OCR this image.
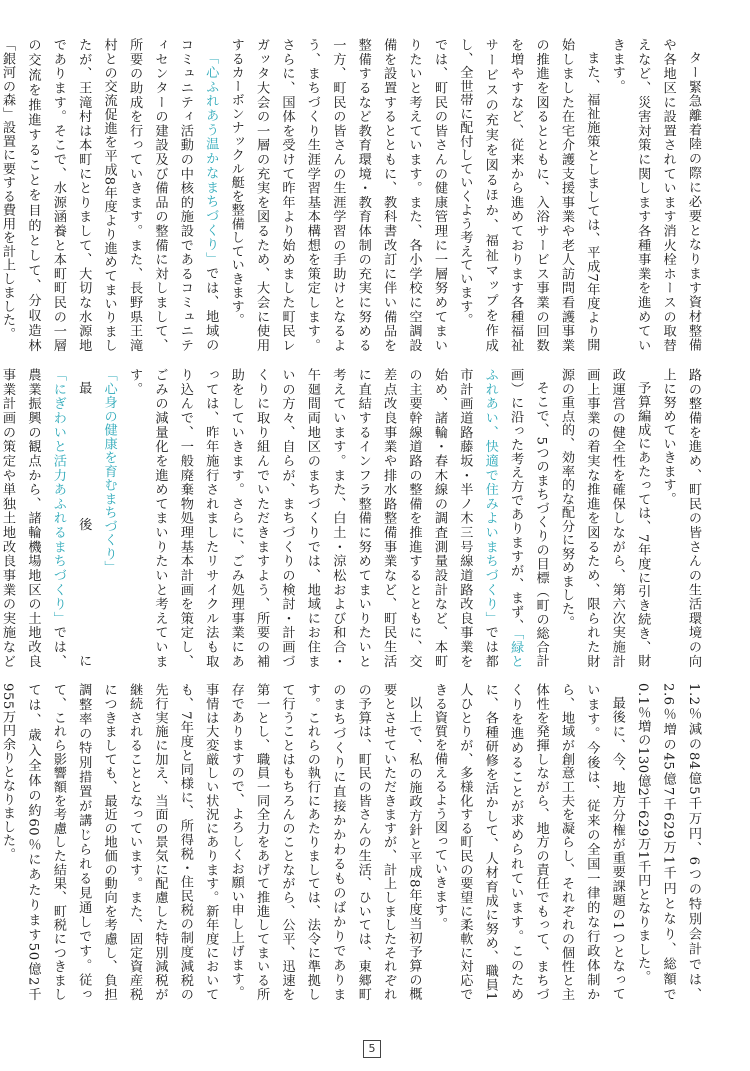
ター緊急離着陸の際に必要となります資材整備や各地区に設置されています消火栓ホースの取替えなど、災害対策に関します各種事業を進めていきます。

また、福祉施策としましては、平成7年度より開始しました在宅介護支援事業や老人訪問看護事業の推進を図るとともに、入浴サービス事業の回数を増やすなど、従来から進めております各種福祉サービスの充実を図るほか、福祉マップを作成し、全世帯に配付していくよう考えています。

では、町民の皆さんの健康管理に一層努めてまいりたいと考えています。また、各小学校に空調設備を設置するとともに、教科書改訂に伴い備品を整備するなど教育環境・教育体制の充実に努める一方、町民の皆さんの生涯学習の手助けとなるよう、まちづくり生涯学習基本構想を策定します。さらに、国体を受けて昨年より始めました町民レガッタ大会の一層の充実を図るため、大会に使用するカーボンナックル艇を整備していきます。

「心ふれあう温かなまちづくり」では、地域のコミュニティ活動の中核的施設であるコミュニティセンターの建設及び備品の整備に対しまして、所要の助成を行っていきます。また、長野県王滝村との交流促進を平成8年度より進めてまいりましたが、王滝村は本町にとりまして、大切な水源地であります。そこで、水源涵養と本町町民の一層の交流を推進することを目的として、分収造林「銀河の森」設置に要する費用を計上しました。

路の整備を進め、町民の皆さんの生活環境の向上に努めていきます。

予算編成にあたっては、7年度に引き続き、財政運営の健全性を確保しながら、第六次実施計画上事業の着実な推進を図るため、限られた財源の重点的、効率的な配分に努めました。

そこで、5つのまちづくりの目標（町の総合計画）に沿った考え方でありますが、まず、「緑とふれあい、快適で住みよいまちづくり」では都市計画道路藤坂・半ノ木三号線道路改良事業を始め、諸輪・春木線の調査測量設計など、本町の主要幹線道路の整備を推進するとともに、交差点改良事業や排水路整備事業など、町民生活に直結するインフラ整備に努めてまいりたいと考えています。また、白土・涼松および和合・午廻間両地区のまちづくりでは、地域にお住まいの方々、自らが、まちづくりの検討・計画づくりに取り組んでいただきますよう、所要の補助をしていきます。さらに、ごみ処理事業にあっては、昨年施行されましたリサイクル法も取り込んで、一般廃棄物処理基本計画を策定し、ごみの減量化を進めてまいりたいと考えています。

「心身の健康を育むまちづくり」

最後に「にぎわいと活力あふれるまちづくり」では、農業振興の観点から、諸輪機場地区の土地改良事業計画の策定や単独土地改良事業の実施など

1.2％減の84億5千万円、6つの特別会計では、2.6％増の45億7千629万1千円となり、総額で0.1％増の130億2千629万1千円となりました。

最後に、今、地方分権が重要課題の1つとなっています。今後は、従来の全国一律的な行政体制から、地域が創意工夫を凝らし、それぞれの個性と主体性を発揮しながら、地方の責任でもって、まちづくりを進めることが求められています。このために、各種研修を活かして、人材育成に努め、職員1人ひとりが、多様化する町民の要望に柔軟に対応できる資質を備えるよう図っていきます。

以上で、私の施政方針と平成8年度当初予算の概要とさせていただきますが、計上しましたそれぞれの予算は、町民の皆さんの生活、ひいては、東郷町のまちづくりに直接かかわるものばかりであります。これらの執行にあたりましては、法令に準拠して行うことはもちろんのことながら、公平、迅速を第一とし、職員一同全力をあげて推進してまいる所存でありますので、よろしくお願い申し上げます。

事情は大変厳しい状況にあります。新年度においても、7年度と同様に、所得税・住民税の制度減税の先行実施に加え、当面の景気に配慮した特別減税が継続されることとなっています。また、固定資産税につきましても、最近の地価の動向を考慮し、負担調整率の特別措置が講じられる見通しです。従って、これら影響額を考慮した結果、町税につきましては、歳入全体の約60％にあたります50億2千955万円余りとなりました。

5
